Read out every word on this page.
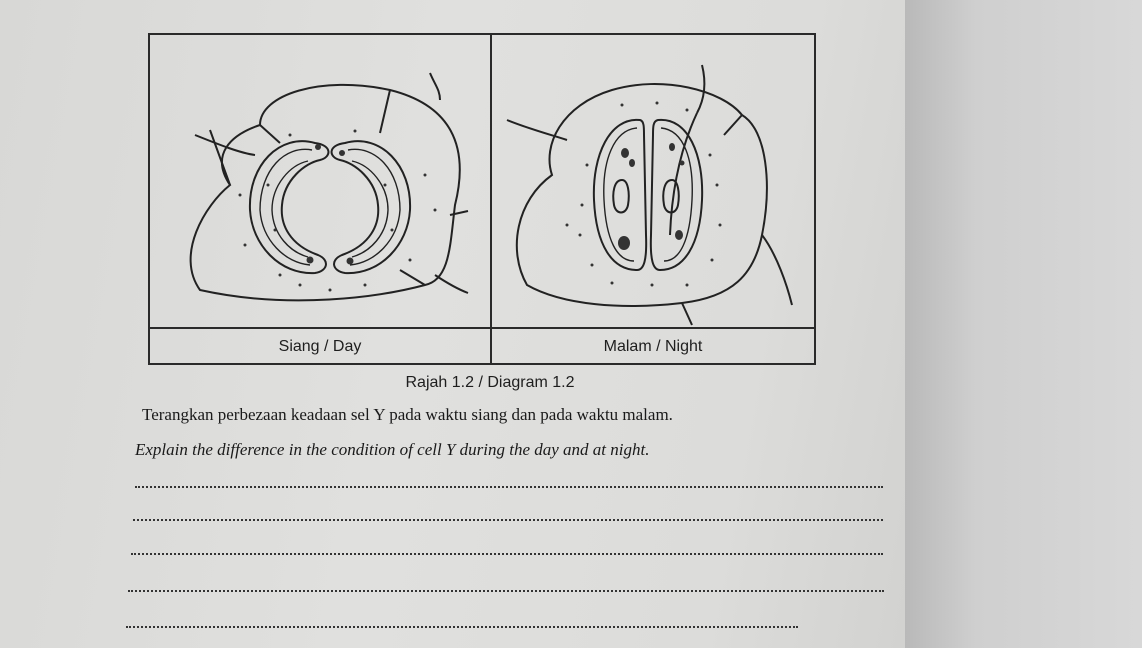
Siang / Day	Malam / Night
Rajah 1.2 / Diagram 1.2
Terangkan perbezaan keadaan sel Y pada waktu siang dan pada waktu malam.
Explain the difference in the condition of cell Y during the day and at night.
